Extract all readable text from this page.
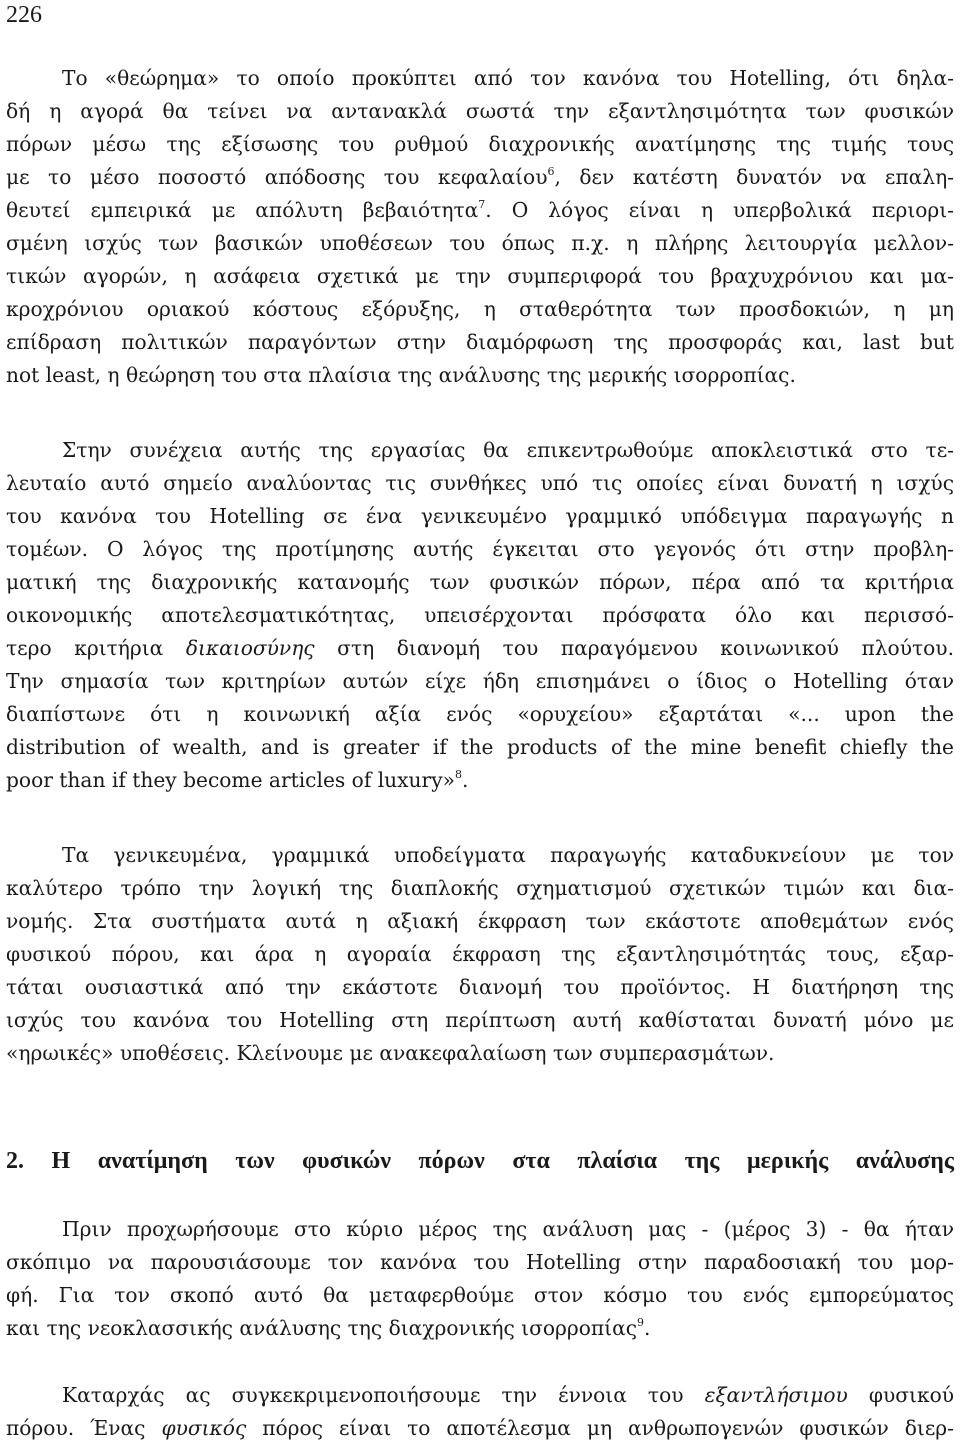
226
Το «θεώρημα» το οποίο προκύπτει από τον κανόνα του Hotelling, ότι δηλα-
δή η αγορά θα τείνει να αντανακλά σωστά την εξαντλησιμότητα των φυσικών
πόρων μέσω της εξίσωσης του ρυθμού διαχρονικής ανατίμησης της τιμής τους
με το μέσο ποσοστό απόδοσης του κεφαλαίου$^6$, δεν κατέστη δυνατόν να επαλη-
θευτεί εμπειρικά με απόλυτη βεβαιότητα$^7$. Ο λόγος είναι η υπερβολικά περιορι-
σμένη ισχύς των βασικών υποθέσεων του όπως π.χ. η πλήρης λειτουργία μελλον-
τικών αγορών, η ασάφεια σχετικά με την συμπεριφορά του βραχυχρόνιου και μα-
κροχρόνιου οριακού κόστους εξόρυξης, η σταθερότητα των προσδοκιών, η μη
επίδραση πολιτικών παραγόντων στην διαμόρφωση της προσφοράς και, last but
not least, η θεώρηση του στα πλαίσια της ανάλυσης της μερικής ισορροπίας.
Στην συνέχεια αυτής της εργασίας θα επικεντρωθούμε αποκλειστικά στο τε-
λευταίο αυτό σημείο αναλύοντας τις συνθήκες υπό τις οποίες είναι δυνατή η ισχύς
του κανόνα του Hotelling σε ένα γενικευμένο γραμμικό υπόδειγμα παραγωγής n
τομέων. Ο λόγος της προτίμησης αυτής έγκειται στο γεγονός ότι στην προβλη-
ματική της διαχρονικής κατανομής των φυσικών πόρων, πέρα από τα κριτήρια
οικονομικής αποτελεσματικότητας, υπεισέρχονται πρόσφατα όλο και περισσό-
τερο κριτήρια δικαιοσύνης στη διανομή του παραγόμενου κοινωνικού πλούτου.
Την σημασία των κριτηρίων αυτών είχε ήδη επισημάνει ο ίδιος ο Hotelling όταν
διαπίστωνε ότι η κοινωνική αξία ενός «ορυχείου» εξαρτάται «... upon the
distribution of wealth, and is greater if the products of the mine benefit chiefly the
poor than if they become articles of luxury»$^8$.
Τα γενικευμένα, γραμμικά υποδείγματα παραγωγής καταδυκνείουν με τον
καλύτερο τρόπο την λογική της διαπλοκής σχηματισμού σχετικών τιμών και δια-
νομής. Στα συστήματα αυτά η αξιακή έκφραση των εκάστοτε αποθεμάτων ενός
φυσικού πόρου, και άρα η αγοραία έκφραση της εξαντλησιμότητάς τους, εξαρ-
τάται ουσιαστικά από την εκάστοτε διανομή του προϊόντος. Η διατήρηση της
ισχύς του κανόνα του Hotelling στη περίπτωση αυτή καθίσταται δυνατή μόνο με
«ηρωικές» υποθέσεις. Κλείνουμε με ανακεφαλαίωση των συμπερασμάτων.
2. Η ανατίμηση των φυσικών πόρων στα πλαίσια της μερικής ανάλυσης
Πριν προχωρήσουμε στο κύριο μέρος της ανάλυση μας - (μέρος 3) - θα ήταν
σκόπιμο να παρουσιάσουμε τον κανόνα του Hotelling στην παραδοσιακή του μορ-
φή. Για τον σκοπό αυτό θα μεταφερθούμε στον κόσμο του ενός εμπορεύματος
και της νεοκλασσικής ανάλυσης της διαχρονικής ισορροπίας$^9$.
Καταρχάς ας συγκεκριμενοποιήσουμε την έννοια του εξαντλήσιμου φυσικού
πόρου. Ένας φυσικός πόρος είναι το αποτέλεσμα μη ανθρωπογενών φυσικών διερ-
